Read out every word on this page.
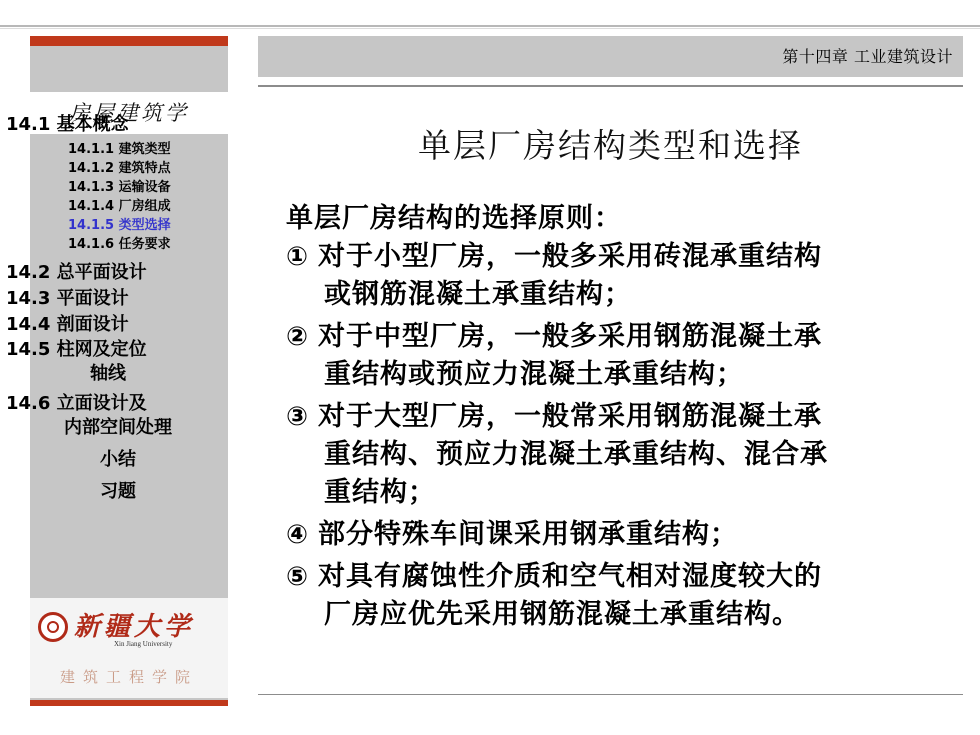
房屋建筑学
14.1 基本概念
14.1.1 建筑类型
14.1.2 建筑特点
14.1.3 运输设备
14.1.4 厂房组成
14.1.5 类型选择
14.1.6 任务要求
14.2 总平面设计
14.3 平面设计
14.4 剖面设计
14.5 柱网及定位
轴线
14.6 立面设计及
内部空间处理
小结
习题
新疆大学
Xin Jiang University
建筑工程学院
第十四章 工业建筑设计
单层厂房结构类型和选择
单层厂房结构的选择原则：
① 对于小型厂房，一般多采用砖混承重结构
或钢筋混凝土承重结构；
② 对于中型厂房，一般多采用钢筋混凝土承
重结构或预应力混凝土承重结构；
③ 对于大型厂房，一般常采用钢筋混凝土承
重结构、预应力混凝土承重结构、混合承
重结构；
④ 部分特殊车间课采用钢承重结构；
⑤ 对具有腐蚀性介质和空气相对湿度较大的
厂房应优先采用钢筋混凝土承重结构。
